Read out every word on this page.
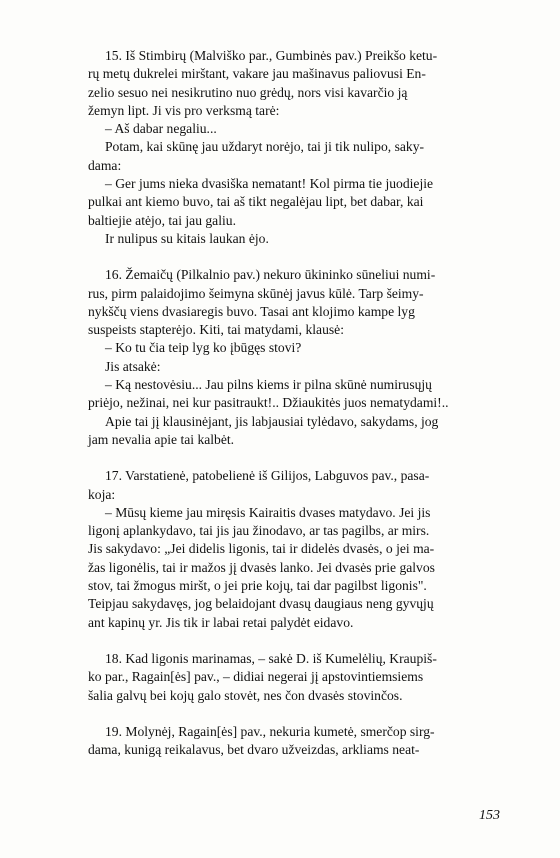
15. Iš Stimbirų (Malviško par., Gumbinės pav.) Preikšo ketu-
rų metų dukrelei mirštant, vakare jau mašinavus paliovusi En-
zelio sesuo nei nesikrutino nuo grėdų, nors visi kavarčio ją
žemyn lipt. Ji vis pro verksmą tarė:
– Aš dabar negaliu...
Potam, kai skūnę jau uždaryt norėjo, tai ji tik nulipo, saky-
dama:
– Ger jums nieka dvasiška nematant! Kol pirma tie juodiejie
pulkai ant kiemo buvo, tai aš tikt negalėjau lipt, bet dabar, kai
baltiejie atėjo, tai jau galiu.
Ir nulipus su kitais laukan ėjo.
16. Žemaičų (Pilkalnio pav.) nekuro ūkininko sūneliui numi-
rus, pirm palaidojimo šeimyna skūnėj javus kūlė. Tarp šeimy-
nykščų viens dvasiaregis buvo. Tasai ant klojimo kampe lyg
suspeists stapterėjo. Kiti, tai matydami, klausė:
– Ko tu čia teip lyg ko įbūgęs stovi?
Jis atsakė:
– Ką nestovėsiu... Jau pilns kiems ir pilna skūnė numirusųjų
priėjo, nežinai, nei kur pasitraukt!.. Džiaukitės juos nematydami!..
Apie tai jį klausinėjant, jis labjausiai tylėdavo, sakydams, jog
jam nevalia apie tai kalbėt.
17. Varstatienė, patobelienė iš Gilijos, Labguvos pav., pasa-
koja:
– Mūsų kieme jau miręsis Kairaitis dvases matydavo. Jei jis
ligonį aplankydavo, tai jis jau žinodavo, ar tas pagilbs, ar mirs.
Jis sakydavo: „Jei didelis ligonis, tai ir didelės dvasės, o jei ma-
žas ligonėlis, tai ir mažos jį dvasės lanko. Jei dvasės prie galvos
stov, tai žmogus miršt, o jei prie kojų, tai dar pagilbst ligonis".
Teipjau sakydavęs, jog belaidojant dvasų daugiaus neng gyvųjų
ant kapinų yr. Jis tik ir labai retai palydėt eidavo.
18. Kad ligonis marinamas, – sakė D. iš Kumelėlių, Kraupiš-
ko par., Ragain[ės] pav., – didiai negerai jį apstovintiemsiems
šalia galvų bei kojų galo stovėt, nes čon dvasės stovinčos.
19. Molynėj, Ragain[ės] pav., nekuria kumetė, smerčop sirg-
dama, kunigą reikalavus, bet dvaro užveizdas, arkliams neat-
153
